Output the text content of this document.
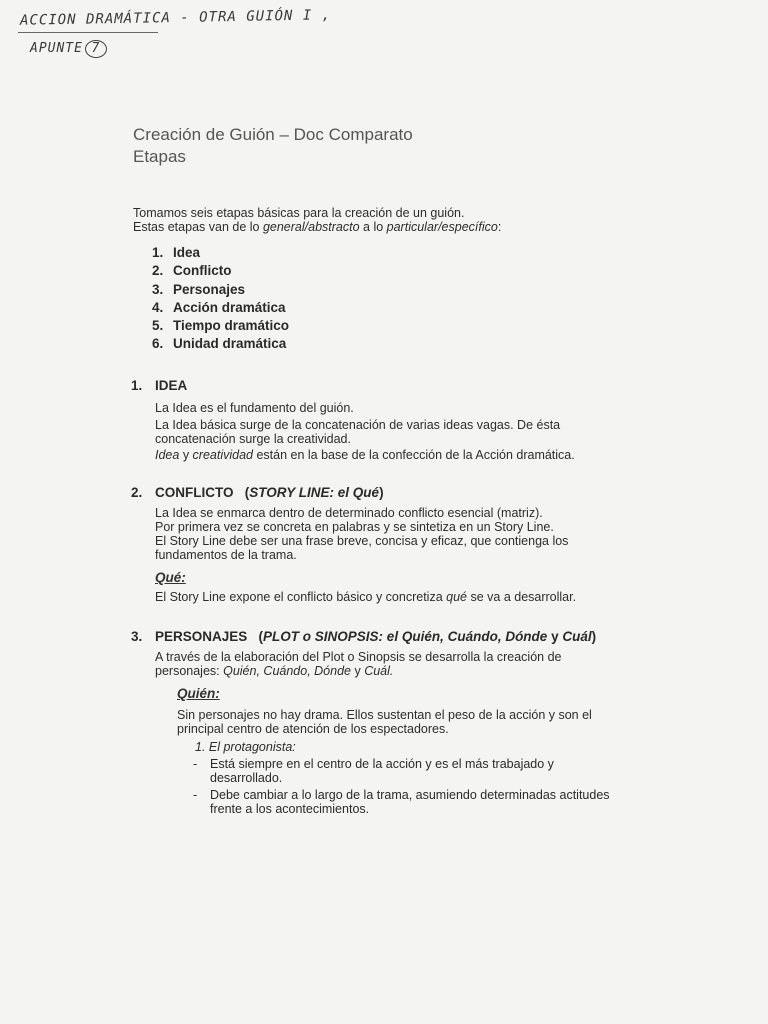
ACCION DRAMÁTICA - OTRA GUIÓN I ,
APUNTE 7
Creación de Guión – Doc Comparato
Etapas
Tomamos seis etapas básicas para la creación de un guión.
Estas etapas van de lo general/abstracto a lo particular/específico:
1. Idea
2. Conflicto
3. Personajes
4. Acción dramática
5. Tiempo dramático
6. Unidad dramática
1. IDEA
La Idea es el fundamento del guión.
La Idea básica surge de la concatenación de varias ideas vagas. De ésta
concatenación surge la creatividad.
Idea y creatividad están en la base de la confección de la Acción dramática.
2. CONFLICTO (STORY LINE: el Qué)
La Idea se enmarca dentro de determinado conflicto esencial (matriz).
Por primera vez se concreta en palabras y se sintetiza en un Story Line.
El Story Line debe ser una frase breve, concisa y eficaz, que contienga los
fundamentos de la trama.
Qué:
El Story Line expone el conflicto básico y concretiza qué se va a desarrollar.
3. PERSONAJES (PLOT o SINOPSIS: el Quién, Cuándo, Dónde y Cuál)
A través de la elaboración del Plot o Sinopsis se desarrolla la creación de
personajes: Quién, Cuándo, Dónde y Cuál.
Quién:
Sin personajes no hay drama. Ellos sustentan el peso de la acción y son el
principal centro de atención de los espectadores.
1. El protagonista:
- Está siempre en el centro de la acción y es el más trabajado y
desarrollado.
- Debe cambiar a lo largo de la trama, asumiendo determinadas actitudes
frente a los acontecimientos.
